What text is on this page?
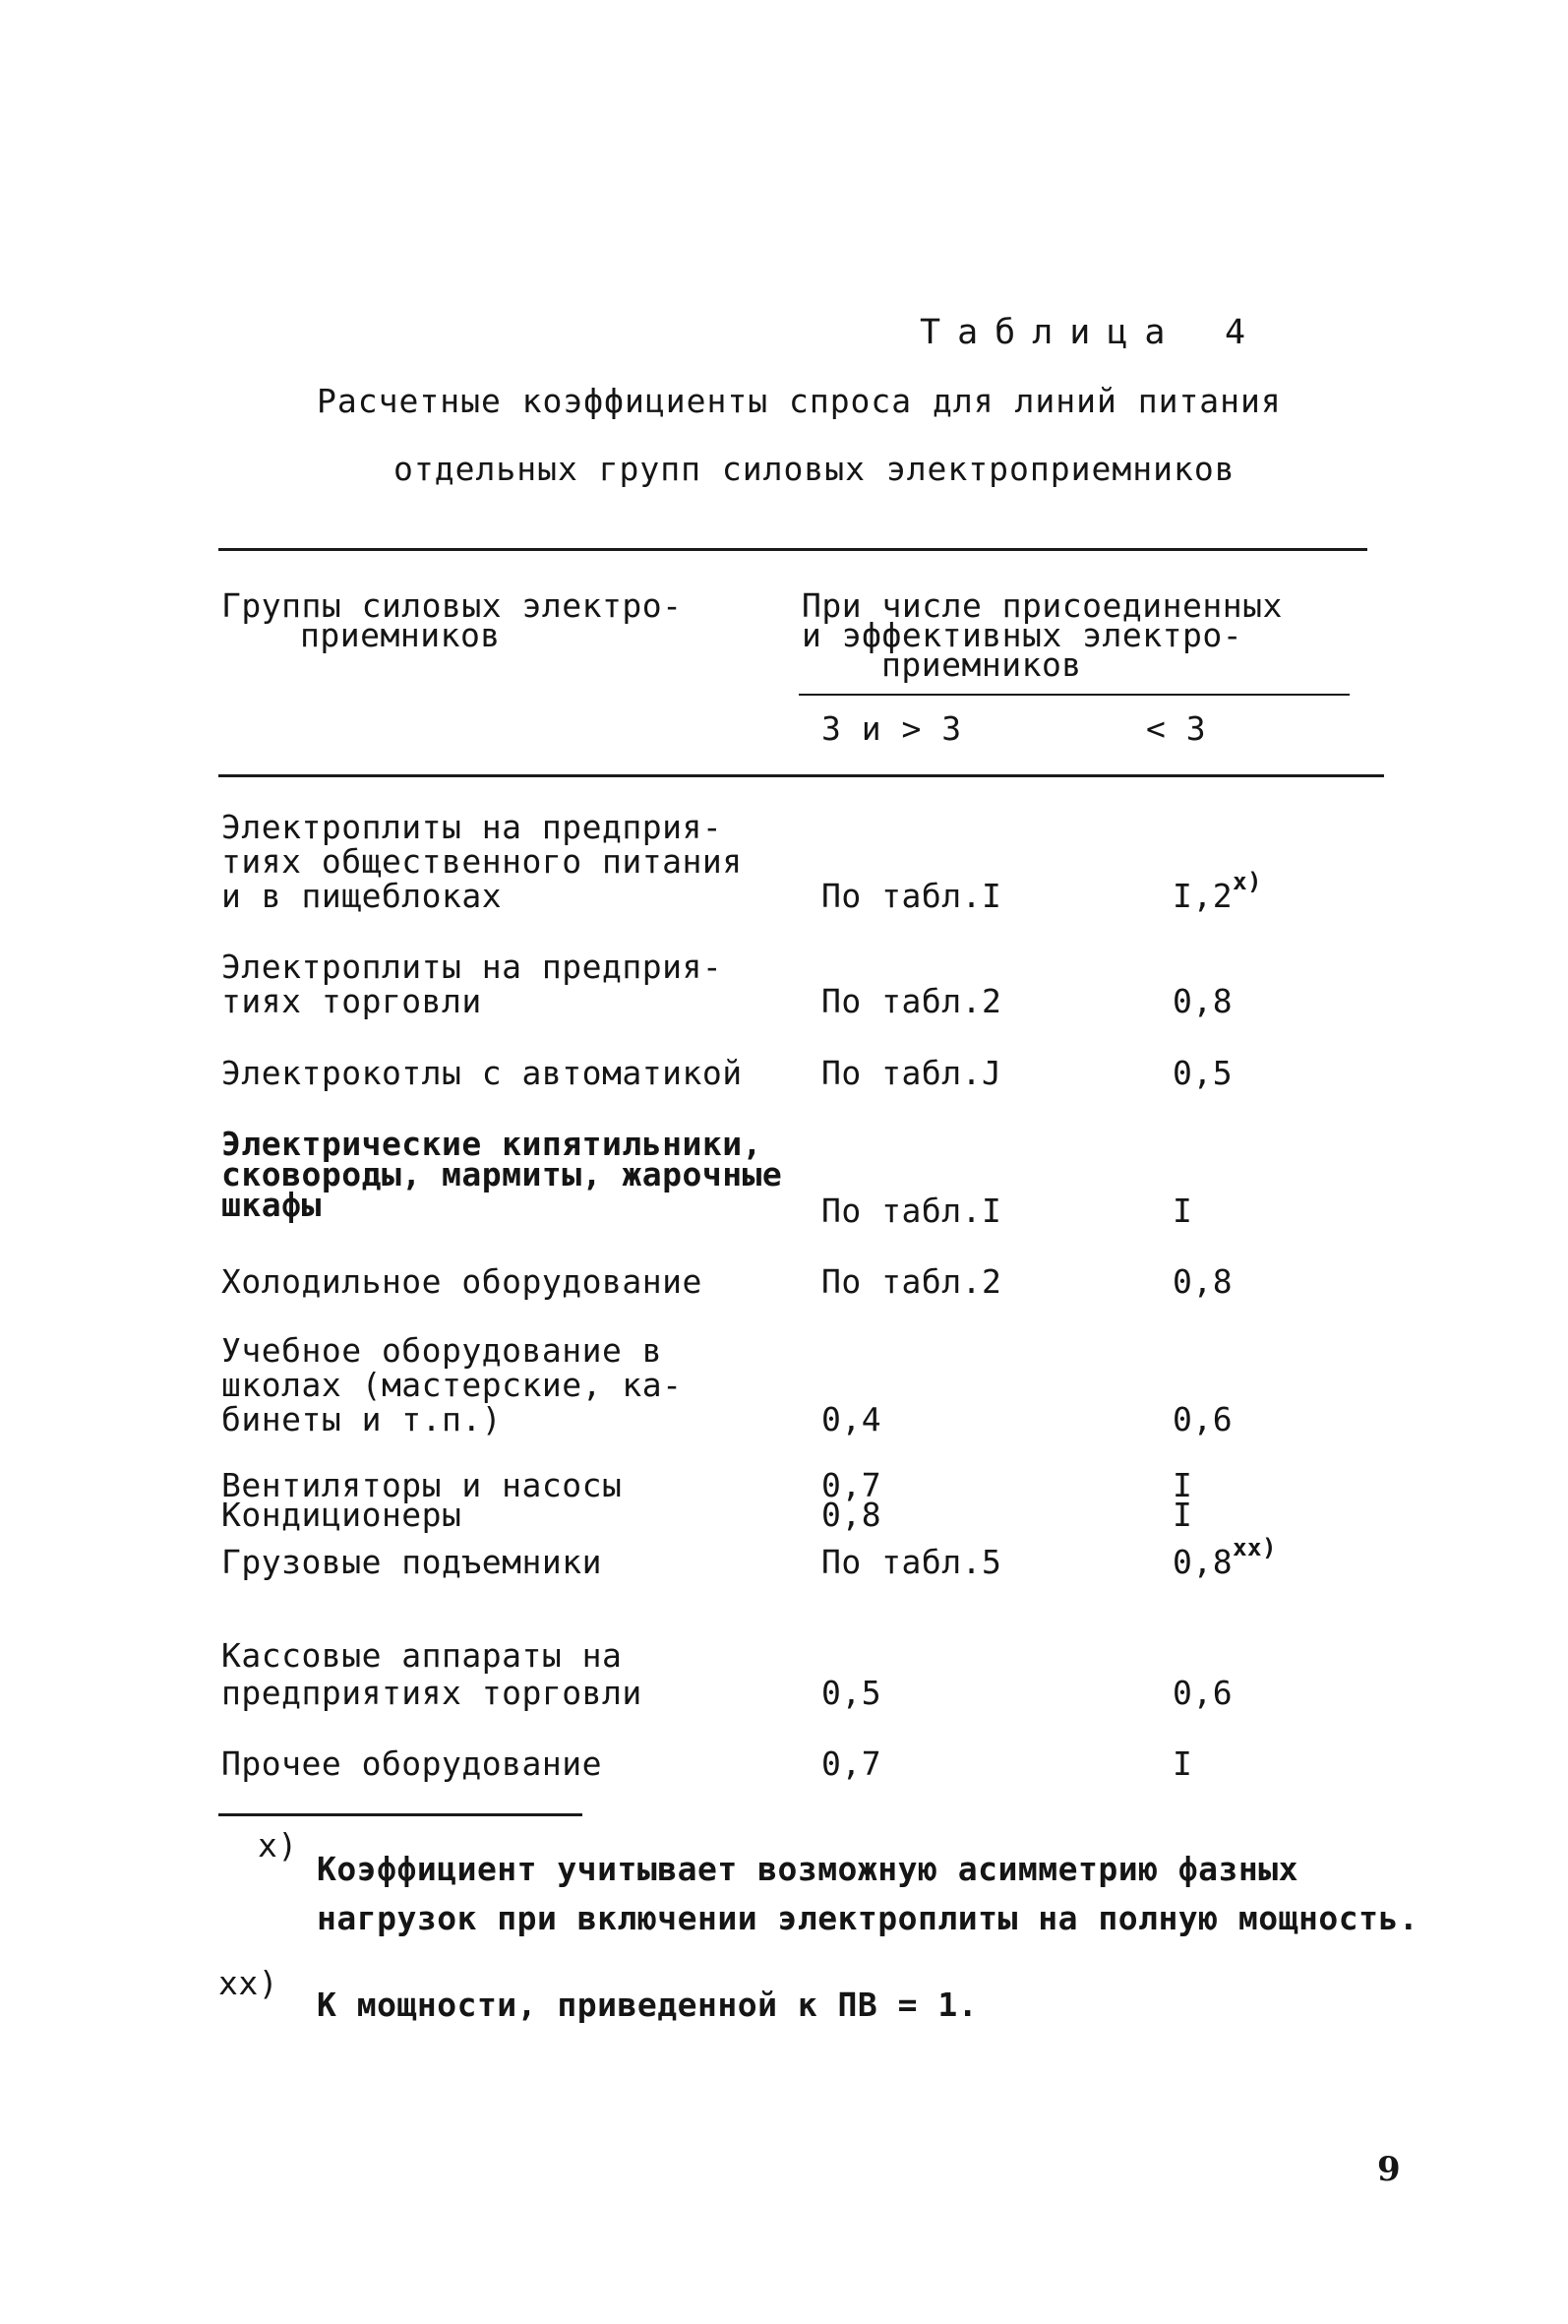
Таблица 4
Расчетные коэффициенты спроса для линий питания
отдельных групп силовых электроприемников
Группы силовых электро-
приемников
При числе присоединенных
и эффективных электро-
приемников
3 и > 3	< 3
Электроплиты на предприя-
тиях общественного питания
и в пищеблоках	По табл.I	I,2$^{x)}$
Электроплиты на предприя-
тиях торговли	По табл.2	0,8
Электрокотлы с автоматикой По табл.J	0,5
Электрические кипятильники,
сковороды, мармиты, жарочные
шкафы	По табл.I	I
Холодильное оборудование	По табл.2	0,8
Учебное оборудование в
школах (мастерские, ка-
бинеты и т.п.)	0,4	0,6
Вентиляторы и насосы	0,7	I
Кондиционеры	0,8	I
Грузовые подъемники	По табл.5	0,8$^{xx)}$
Кассовые аппараты на
предприятиях торговли	0,5	0,6
Прочее оборудование	0,7	I
x)
Коэффициент учитывает возможную асимметрию фазных
нагрузок при включении электроплиты на полную мощность.
xx)
К мощности, приведенной к ПВ = 1.
9
